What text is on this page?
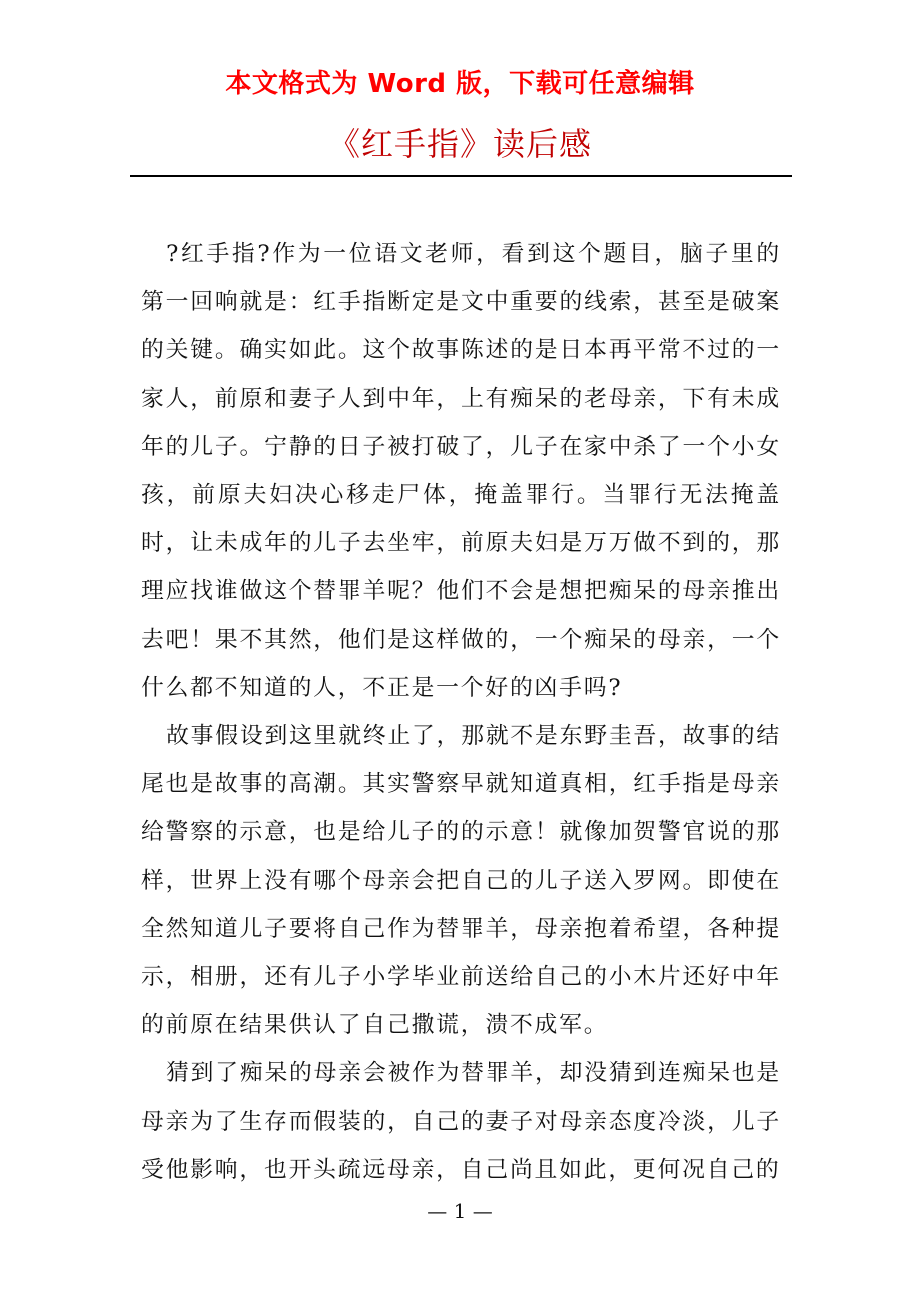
本文格式为 Word 版，下载可任意编辑
《红手指》读后感

?红手指?作为一位语文老师，看到这个题目，脑子里的第一回响就是：红手指断定是文中重要的线索，甚至是破案的关键。确实如此。这个故事陈述的是日本再平常不过的一家人，前原和妻子人到中年，上有痴呆的老母亲，下有未成年的儿子。宁静的日子被打破了，儿子在家中杀了一个小女孩，前原夫妇决心移走尸体，掩盖罪行。当罪行无法掩盖时，让未成年的儿子去坐牢，前原夫妇是万万做不到的，那理应找谁做这个替罪羊呢？他们不会是想把痴呆的母亲推出去吧！果不其然，他们是这样做的，一个痴呆的母亲，一个什么都不知道的人，不正是一个好的凶手吗?

故事假设到这里就终止了，那就不是东野圭吾，故事的结尾也是故事的高潮。其实警察早就知道真相，红手指是母亲给警察的示意，也是给儿子的的示意！就像加贺警官说的那样，世界上没有哪个母亲会把自己的儿子送入罗网。即使在全然知道儿子要将自己作为替罪羊，母亲抱着希望，各种提示，相册，还有儿子小学毕业前送给自己的小木片还好中年的前原在结果供认了自己撒谎，溃不成军。

猜到了痴呆的母亲会被作为替罪羊，却没猜到连痴呆也是母亲为了生存而假装的，自己的妻子对母亲态度冷淡，儿子受他影响，也开头疏远母亲，自己尚且如此，更何况自己的

— 1 —
